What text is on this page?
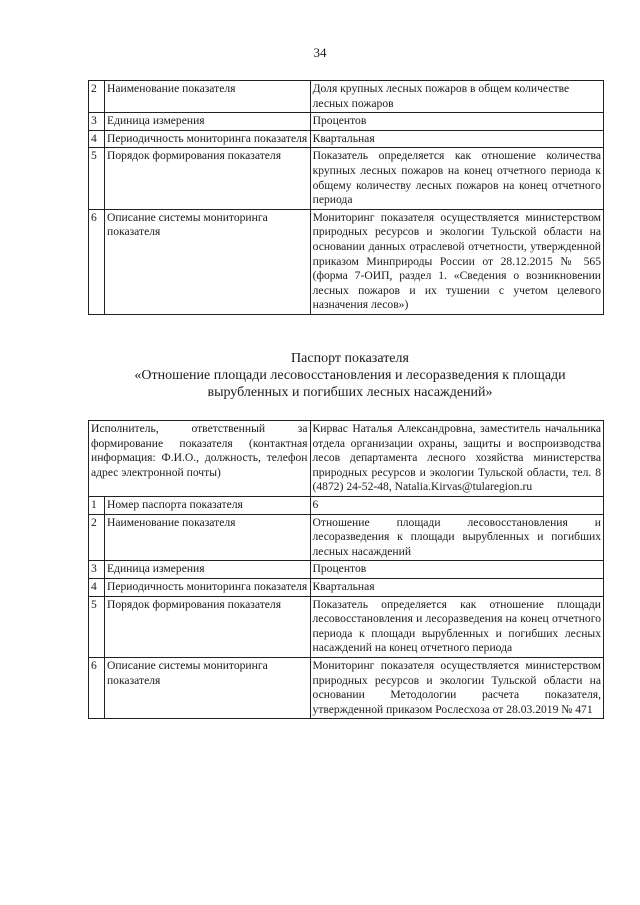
34
2	Наименование показателя	Доля крупных лесных пожаров в общем количестве лесных пожаров
3	Единица измерения	Процентов
4	Периодичность мониторинга показателя	Квартальная
5	Порядок формирования показателя	Показатель определяется как отношение количества крупных лесных пожаров на конец отчетного периода к общему количеству лесных пожаров на конец отчетного периода
6	Описание системы мониторинга показателя	Мониторинг показателя осуществляется министерством природных ресурсов и экологии Тульской области на основании данных отраслевой отчетности, утвержденной приказом Минприроды России от 28.12.2015 № 565 (форма 7-ОИП, раздел 1. «Сведения о возникновении лесных пожаров и их тушении с учетом целевого назначения лесов»)
Паспорт показателя
«Отношение площади лесовосстановления и лесоразведения к площади
вырубленных и погибших лесных насаждений»
Исполнитель, ответственный за формирование показателя (контактная информация: Ф.И.О., должность, телефон адрес электронной почты)		Кирвас Наталья Александровна, заместитель начальника отдела организации охраны, защиты и воспроизводства лесов департамента лесного хозяйства министерства природных ресурсов и экологии Тульской области, тел. 8 (4872) 24-52-48, Natalia.Kirvas@tularegion.ru
1	Номер паспорта показателя	6
2	Наименование показателя	Отношение площади лесовосстановления и лесоразведения к площади вырубленных и погибших лесных насаждений
3	Единица измерения	Процентов
4	Периодичность мониторинга показателя	Квартальная
5	Порядок формирования показателя	Показатель определяется как отношение площади лесовосстановления и лесоразведения на конец отчетного периода к площади вырубленных и погибших лесных насаждений на конец отчетного периода
6	Описание системы мониторинга показателя	Мониторинг показателя осуществляется министерством природных ресурсов и экологии Тульской области на основании Методологии расчета показателя, утвержденной приказом Рослесхоза от 28.03.2019 № 471
